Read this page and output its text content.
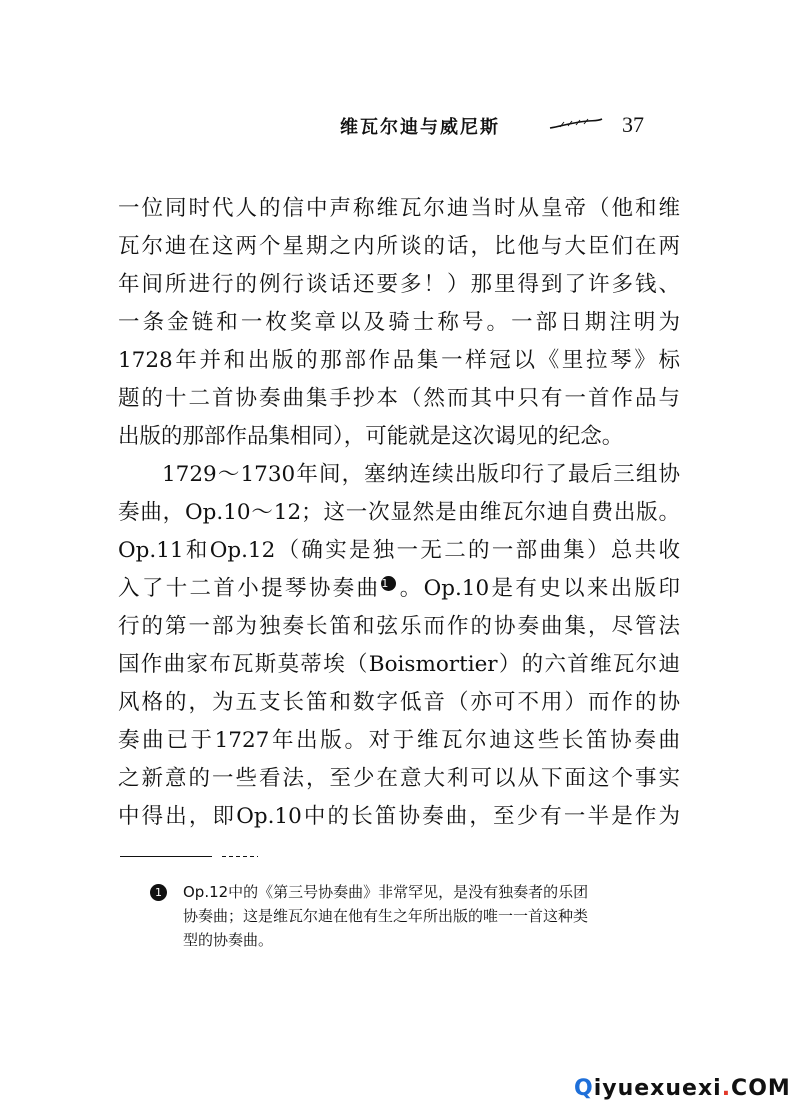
维瓦尔迪与威尼斯	37
一位同时代人的信中声称维瓦尔迪当时从皇帝（他和维
瓦尔迪在这两个星期之内所谈的话，比他与大臣们在两
年间所进行的例行谈话还要多！）那里得到了许多钱、
一条金链和一枚奖章以及骑士称号。一部日期注明为
1728年并和出版的那部作品集一样冠以《里拉琴》标
题的十二首协奏曲集手抄本（然而其中只有一首作品与
出版的那部作品集相同），可能就是这次谒见的纪念。
1729～1730年间，塞纳连续出版印行了最后三组协
奏曲，Op.10～12；这一次显然是由维瓦尔迪自费出版。
Op.11和Op.12（确实是独一无二的一部曲集）总共收
入了十二首小提琴协奏曲1 。Op.10是有史以来出版印
行的第一部为独奏长笛和弦乐而作的协奏曲集，尽管法
国作曲家布瓦斯莫蒂埃（Boismortier）的六首维瓦尔迪
风格的，为五支长笛和数字低音（亦可不用）而作的协
奏曲已于1727年出版。对于维瓦尔迪这些长笛协奏曲
之新意的一些看法，至少在意大利可以从下面这个事实
中得出，即Op.10中的长笛协奏曲，至少有一半是作为
1	Op.12中的《第三号协奏曲》非常罕见，是没有独奏者的乐团
协奏曲；这是维瓦尔迪在他有生之年所出版的唯一一首这种类
型的协奏曲。
Qiyuexuexi.COM
